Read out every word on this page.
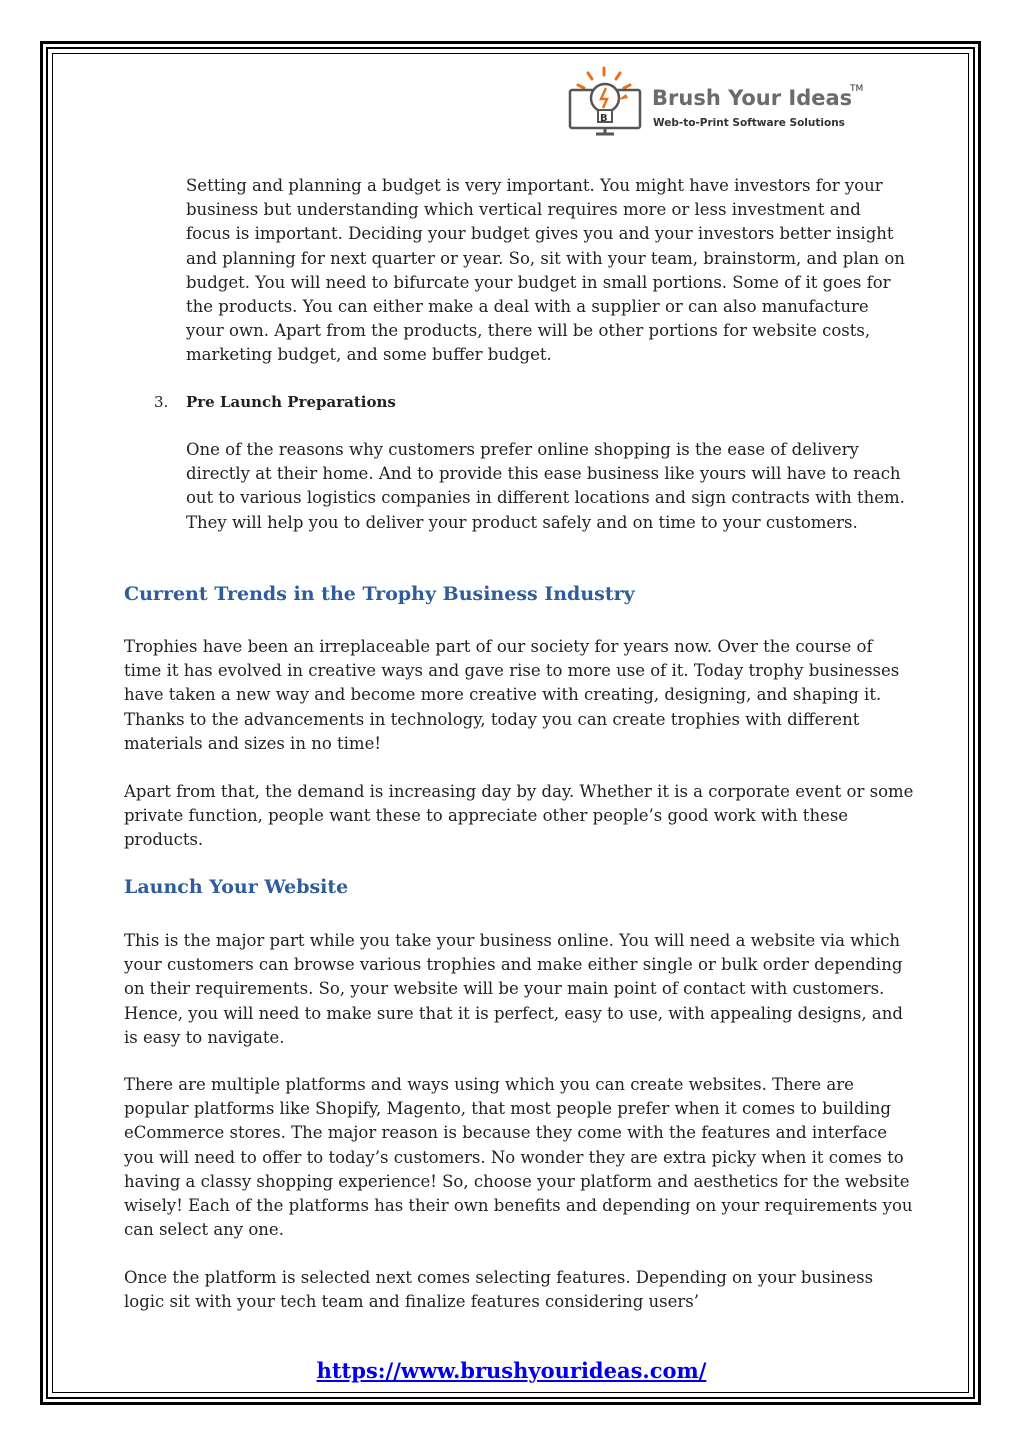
B
Brush Your Ideas
TM
Web-to-Print Software Solutions

Setting and planning a budget is very important. You might have investors for your business but understanding which vertical requires more or less investment and focus is important. Deciding your budget gives you and your investors better insight and planning for next quarter or year. So, sit with your team, brainstorm, and plan on budget. You will need to bifurcate your budget in small portions. Some of it goes for the products. You can either make a deal with a supplier or can also manufacture your own. Apart from the products, there will be other portions for website costs, marketing budget, and some buffer budget.

3. Pre Launch Preparations

One of the reasons why customers prefer online shopping is the ease of delivery directly at their home. And to provide this ease business like yours will have to reach out to various logistics companies in different locations and sign contracts with them. They will help you to deliver your product safely and on time to your customers.

Current Trends in the Trophy Business Industry

Trophies have been an irreplaceable part of our society for years now. Over the course of time it has evolved in creative ways and gave rise to more use of it. Today trophy businesses have taken a new way and become more creative with creating, designing, and shaping it. Thanks to the advancements in technology, today you can create trophies with different materials and sizes in no time!

Apart from that, the demand is increasing day by day. Whether it is a corporate event or some private function, people want these to appreciate other people’s good work with these products.

Launch Your Website

This is the major part while you take your business online. You will need a website via which your customers can browse various trophies and make either single or bulk order depending on their requirements. So, your website will be your main point of contact with customers. Hence, you will need to make sure that it is perfect, easy to use, with appealing designs, and is easy to navigate.

There are multiple platforms and ways using which you can create websites. There are popular platforms like Shopify, Magento, that most people prefer when it comes to building eCommerce stores. The major reason is because they come with the features and interface you will need to offer to today’s customers. No wonder they are extra picky when it comes to having a classy shopping experience! So, choose your platform and aesthetics for the website wisely! Each of the platforms has their own benefits and depending on your requirements you can select any one.

Once the platform is selected next comes selecting features. Depending on your business logic sit with your tech team and finalize features considering users’

https://www.brushyourideas.com/
